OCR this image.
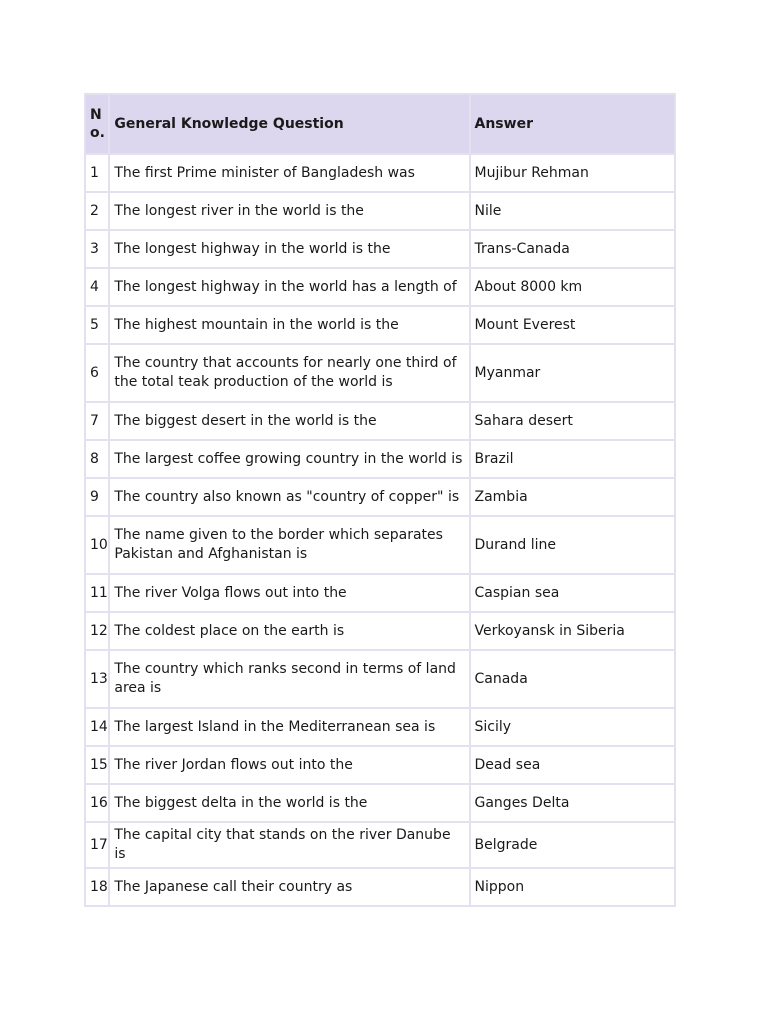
No.	General Knowledge Question	Answer
1	The first Prime minister of Bangladesh was	Mujibur Rehman
2	The longest river in the world is the	Nile
3	The longest highway in the world is the	Trans-Canada
4	The longest highway in the world has a length of	About 8000 km
5	The highest mountain in the world is the	Mount Everest
6	The country that accounts for nearly one third of the total teak production of the world is	Myanmar
7	The biggest desert in the world is the	Sahara desert
8	The largest coffee growing country in the world is	Brazil
9	The country also known as "country of copper" is	Zambia
10	The name given to the border which separates Pakistan and Afghanistan is	Durand line
11	The river Volga flows out into the	Caspian sea
12	The coldest place on the earth is	Verkoyansk in Siberia
13	The country which ranks second in terms of land area is	Canada
14	The largest Island in the Mediterranean sea is	Sicily
15	The river Jordan flows out into the	Dead sea
16	The biggest delta in the world is the	Ganges Delta
17	The capital city that stands on the river Danube is	Belgrade
18	The Japanese call their country as	Nippon
